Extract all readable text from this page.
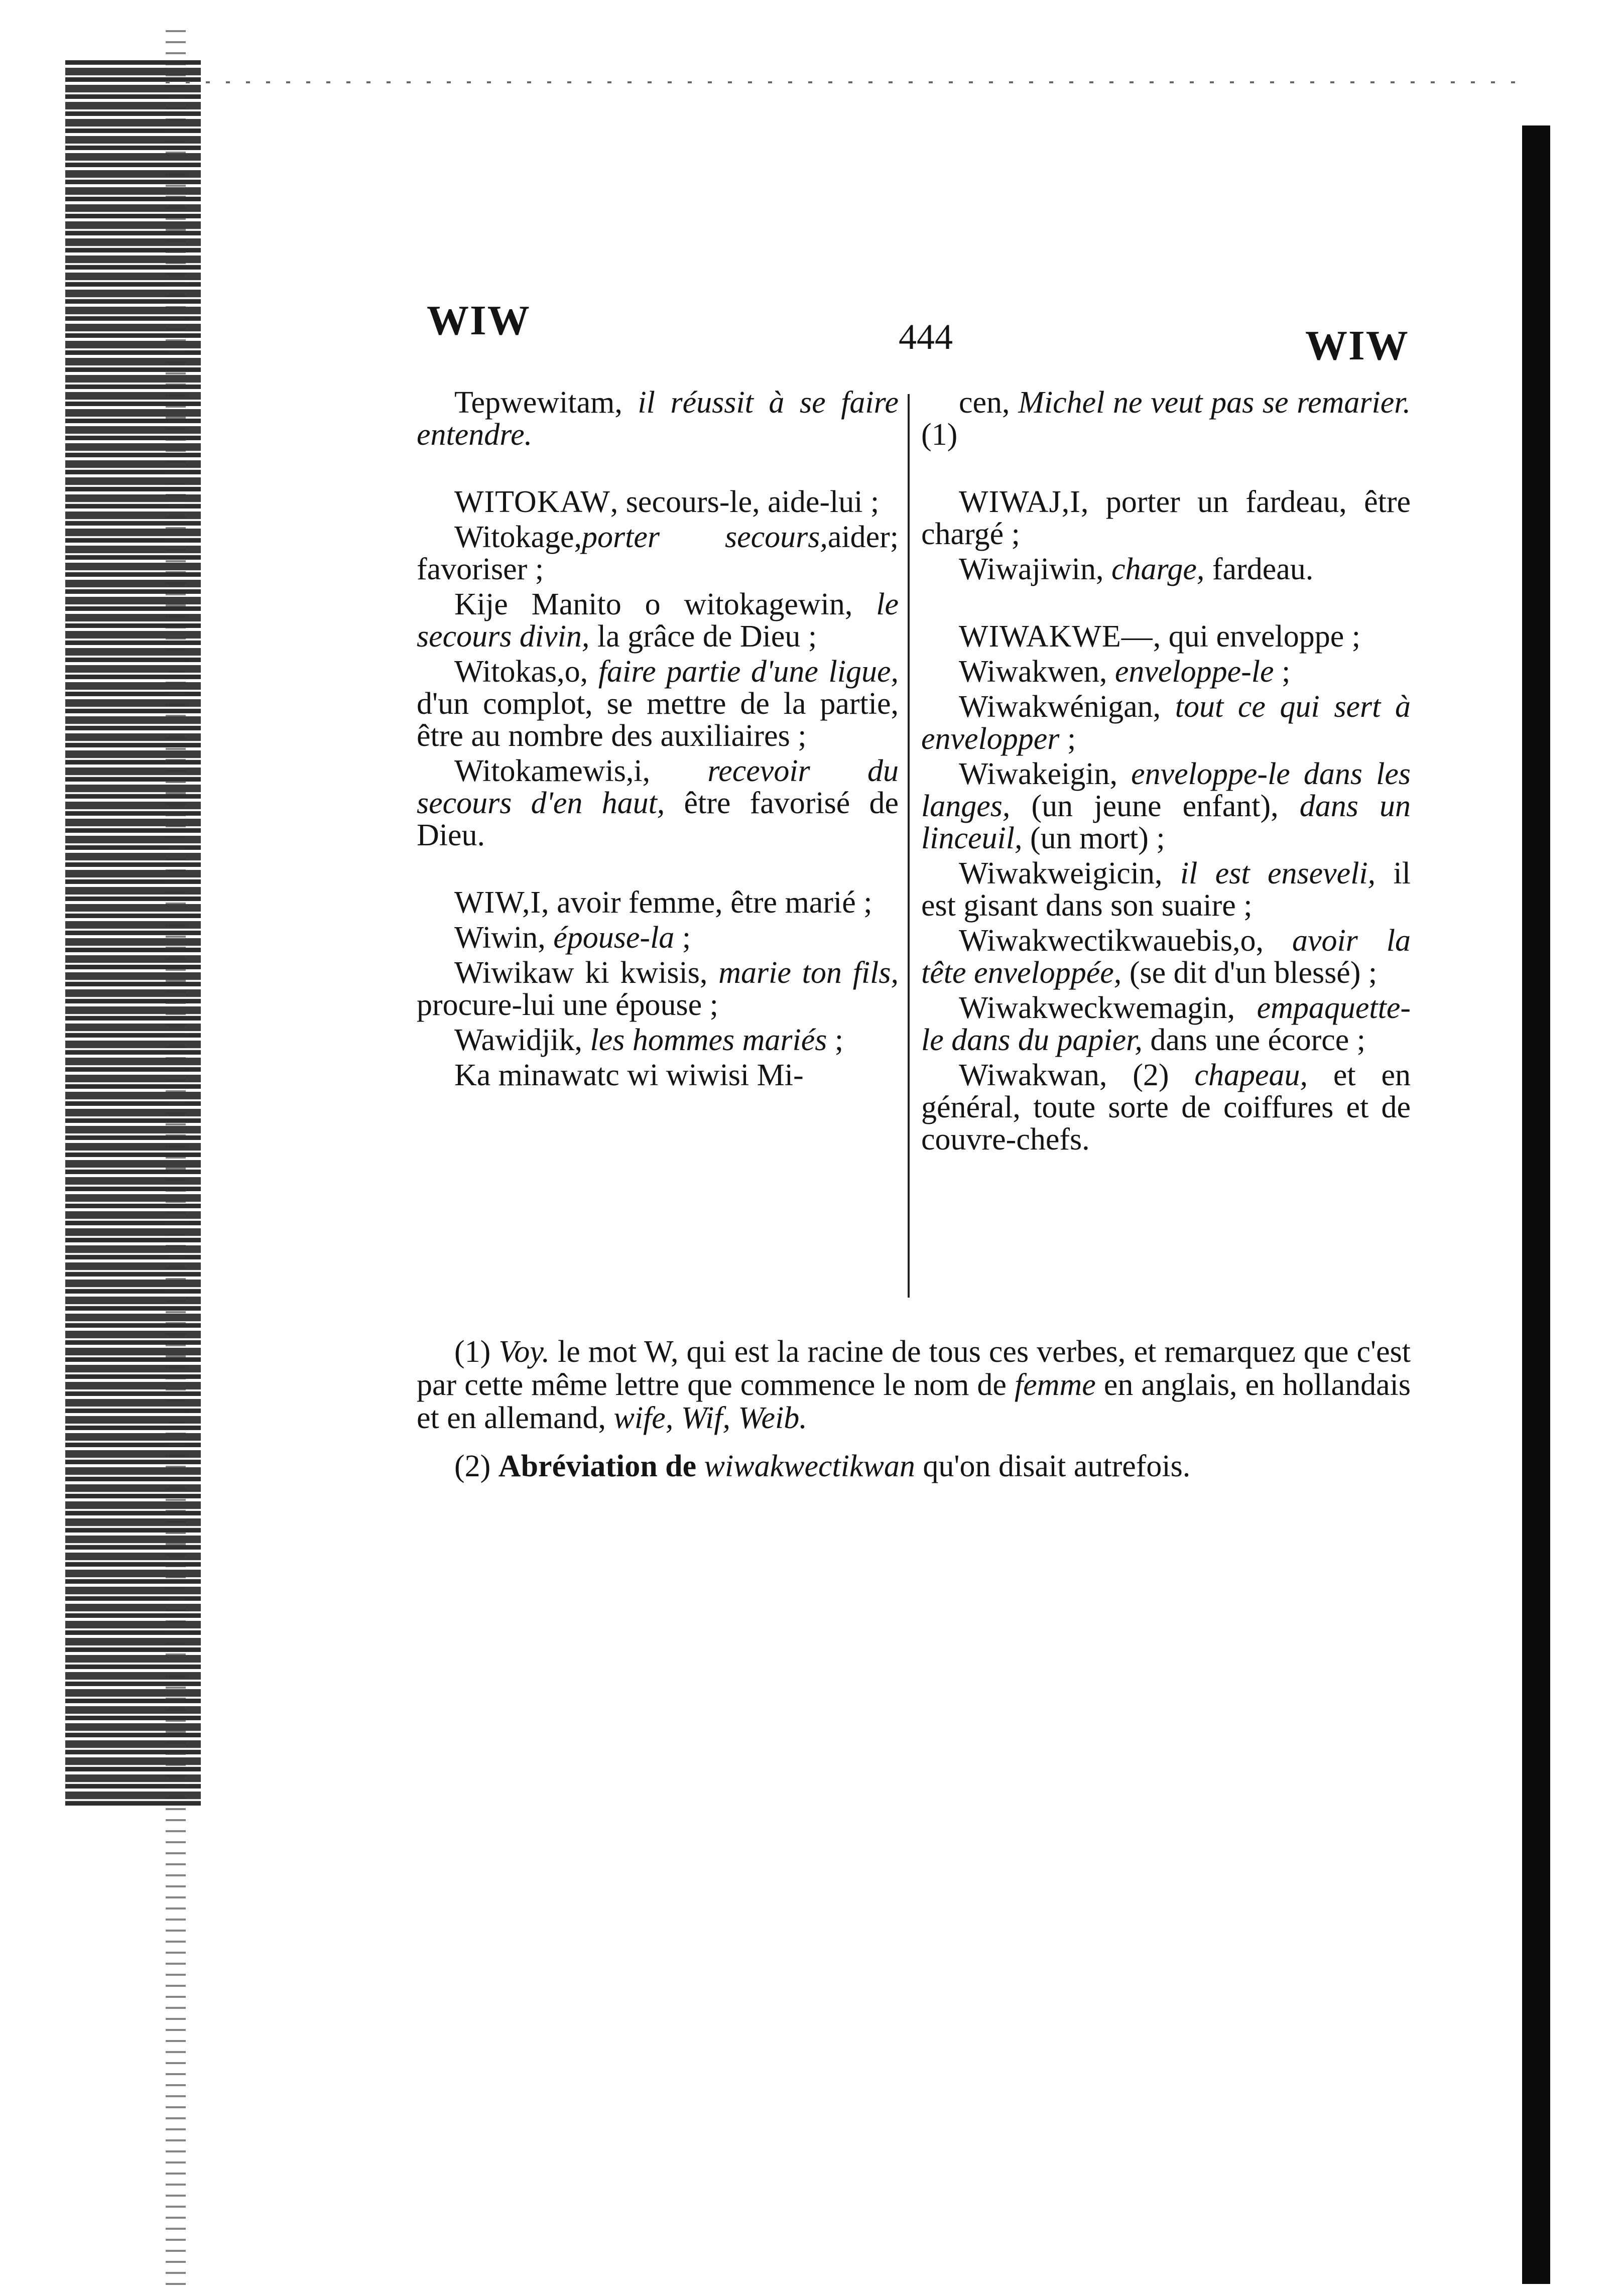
WIW	444	WIW

Tepwewitam, il réussit à se faire entendre.

WITOKAW, secours-le, aide-lui ;

Witokage,porter secours,aider; favoriser ;

Kije Manito o witokagewin, le secours divin, la grâce de Dieu ;

Witokas,o, faire partie d'une ligue, d'un complot, se mettre de la partie, être au nombre des auxiliaires ;

Witokamewis,i, recevoir du secours d'en haut, être favorisé de Dieu.

WIW,I, avoir femme, être marié ;

Wiwin, épouse-la ;

Wiwikaw ki kwisis, marie ton fils, procure-lui une épouse ;

Wawidjik, les hommes mariés ;

Ka minawatc wi wiwisi Mi-

cen, Michel ne veut pas se remarier. (1)

WIWAJ,I, porter un fardeau, être chargé ;

Wiwajiwin, charge, fardeau.

WIWAKWE—, qui enveloppe ;

Wiwakwen, enveloppe-le ;

Wiwakwénigan, tout ce qui sert à envelopper ;

Wiwakeigin, enveloppe-le dans les langes, (un jeune enfant), dans un linceuil, (un mort) ;

Wiwakweigicin, il est enseveli, il est gisant dans son suaire ;

Wiwakwectikwauebis,o, avoir la tête enveloppée, (se dit d'un blessé) ;

Wiwakweckwemagin, empaquette-le dans du papier, dans une écorce ;

Wiwakwan, (2) chapeau, et en général, toute sorte de coiffures et de couvre-chefs.

(1) Voy. le mot W, qui est la racine de tous ces verbes, et remarquez que c'est par cette même lettre que commence le nom de femme en anglais, en hollandais et en allemand, wife, Wif, Weib.

(2) Abréviation de wiwakwectikwan qu'on disait autrefois.
